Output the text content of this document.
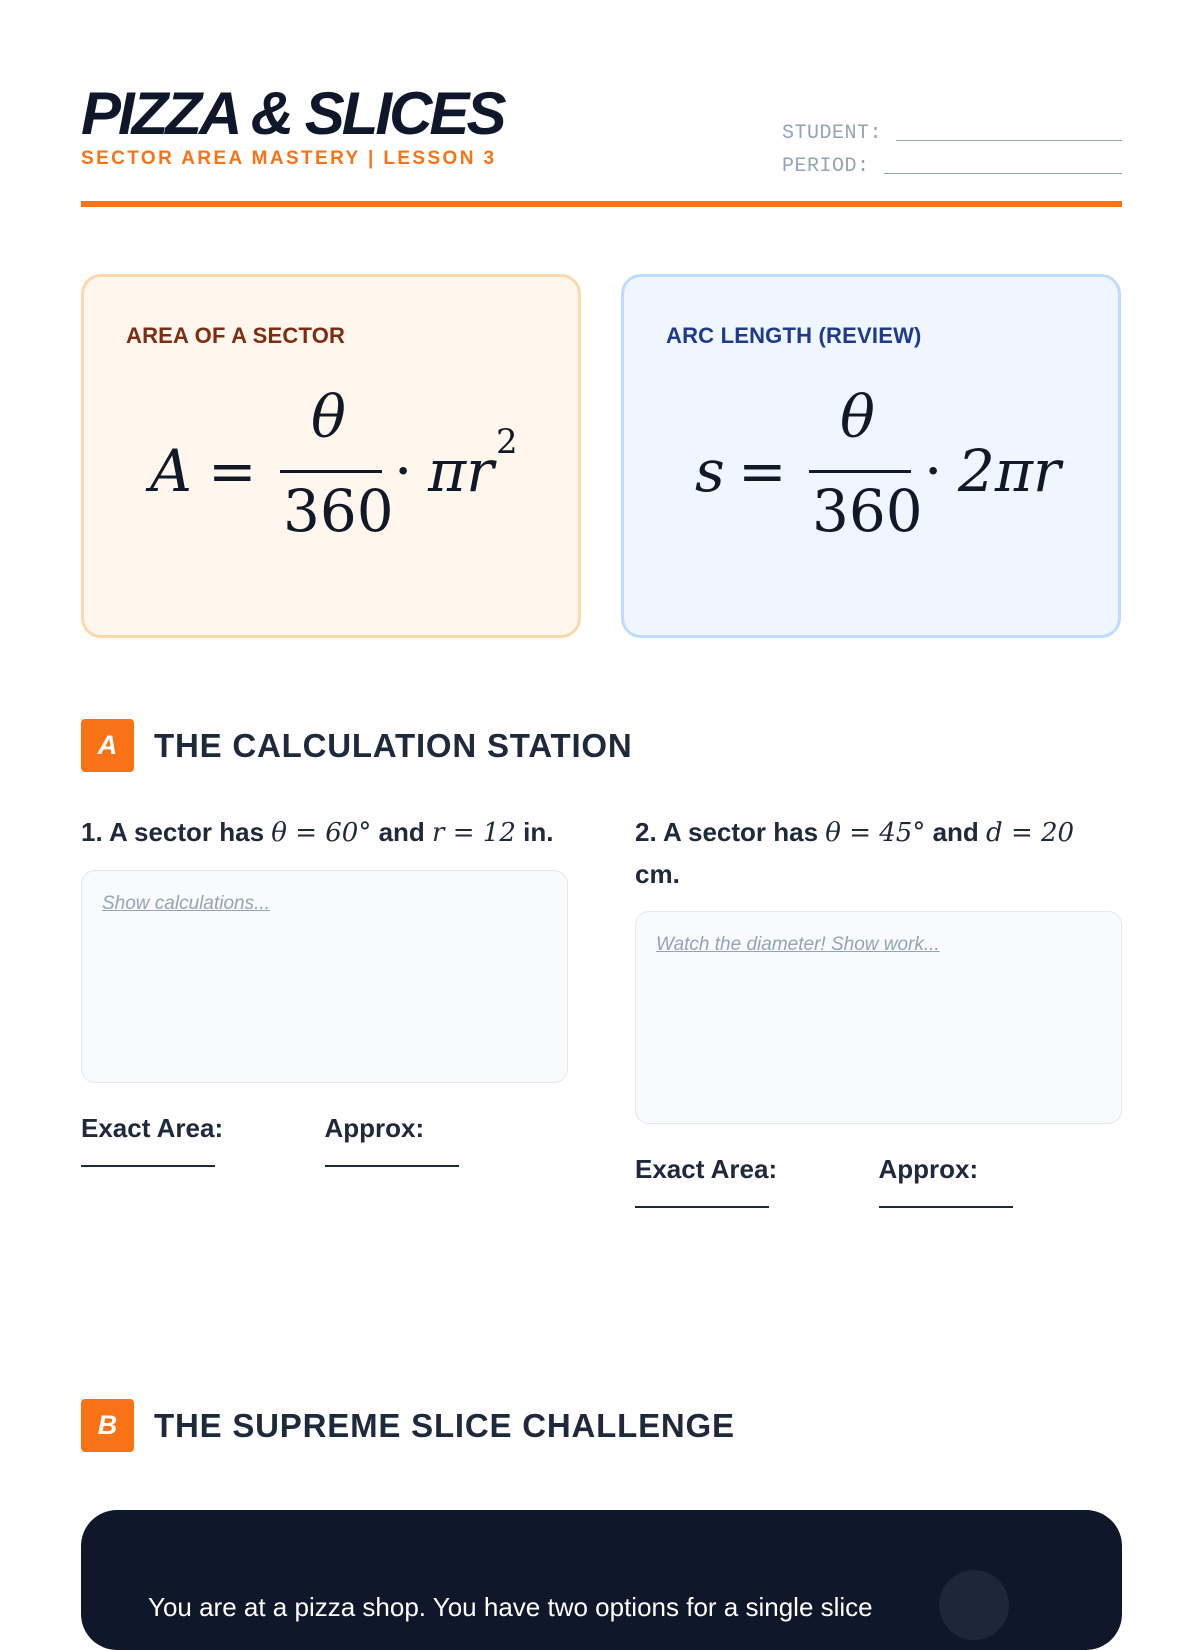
PIZZA & SLICES
SECTOR AREA MASTERY | LESSON 3
STUDENT:
PERIOD:
AREA OF A SECTOR
A =
θ
360
· πr 2
ARC LENGTH (REVIEW)
s =
θ
360
· 2πr
A	THE CALCULATION STATION
1. A sector has θ = 60° and r = 12 in.
Show calculations...
Exact Area:	Approx:
2. A sector has θ = 45° and d = 20 cm.
Watch the diameter! Show work...
Exact Area:	Approx:
B	THE SUPREME SLICE CHALLENGE
You are at a pizza shop. You have two options for a single slice
